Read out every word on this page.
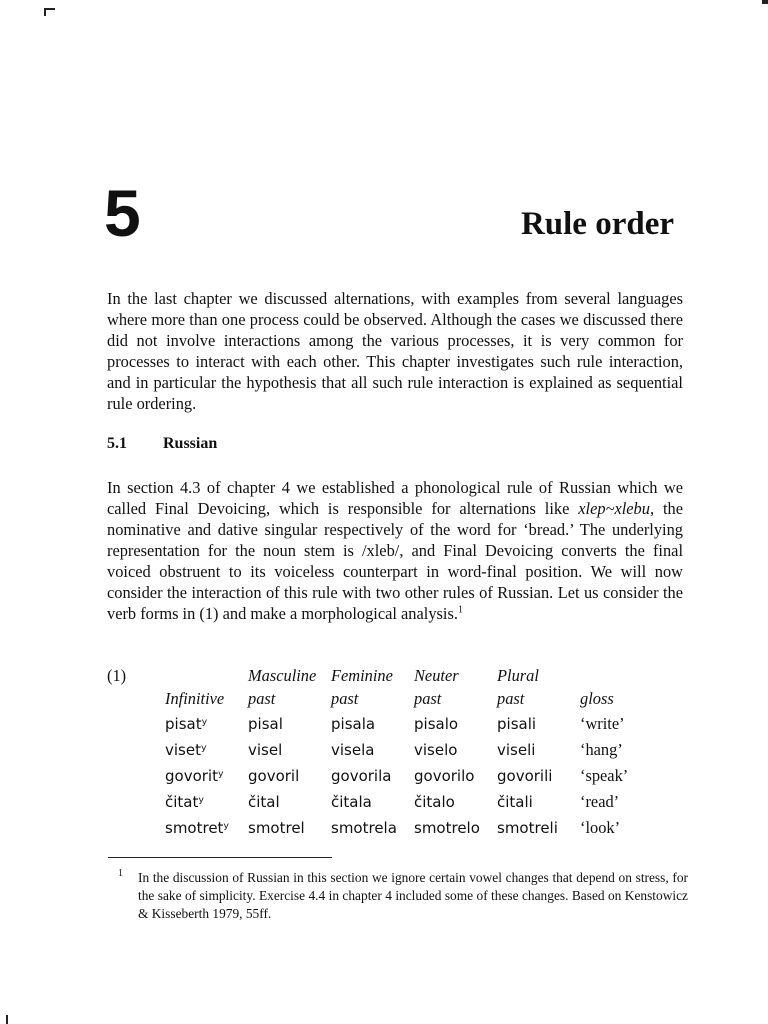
5	Rule order

In the last chapter we discussed alternations, with examples from several languages where more than one process could be observed. Although the cases we discussed there did not involve interactions among the various processes, it is very common for processes to interact with each other. This chapter investigates such rule interaction, and in particular the hypothesis that all such rule interaction is explained as sequential rule ordering.

5.1 Russian

In section 4.3 of chapter 4 we established a phonological rule of Russian which we called Final Devoicing, which is responsible for alternations like xlep~xlebu, the nominative and dative singular respectively of the word for ‘bread.’ The underlying representation for the noun stem is /xleb/, and Final Devoicing converts the final voiced obstruent to its voiceless counterpart in word-final position. We will now consider the interaction of this rule with two other rules of Russian. Let us consider the verb forms in (1) and make a morphological analysis.$^1$

(1)	Masculine Feminine Neuter Plural
Infinitive past	past	past	past	gloss
pisatʸ	pisal	pisala	pisalo	pisali	‘write’
visetʸ	visel	visela	viselo	viseli	‘hang’
govoritʸ govoril govorila govorilo govorili ‘speak’
čitatʸ	čital	čitala	čitalo	čitali	‘read’
smotretʸ smotrel smotrela smotrelo smotreli ‘look’

1 In the discussion of Russian in this section we ignore certain vowel changes that depend on stress, for the sake of simplicity. Exercise 4.4 in chapter 4 included some of these changes. Based on Kenstowicz & Kisseberth 1979, 55ff.
